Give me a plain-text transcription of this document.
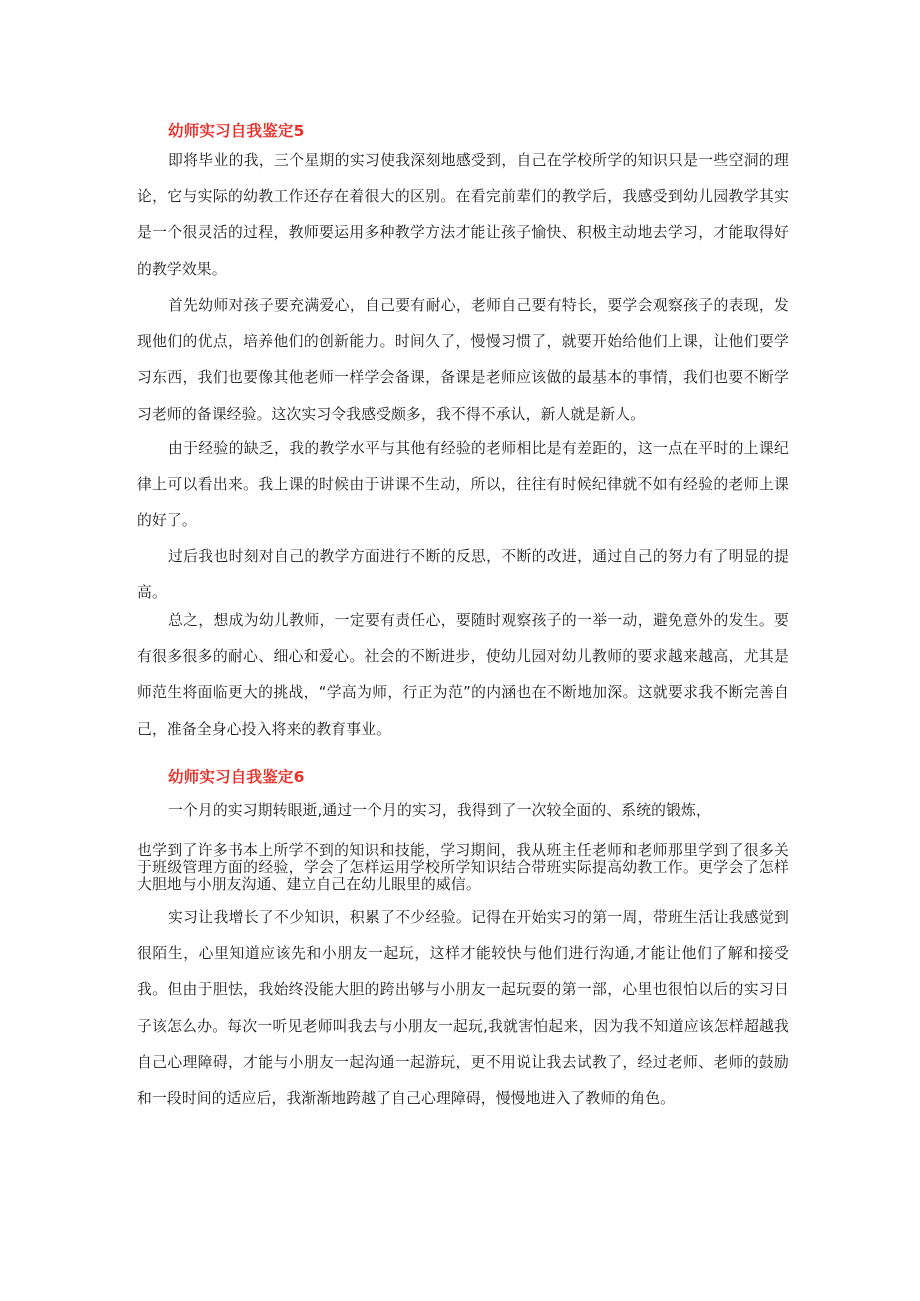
幼师实习自我鉴定5

即将毕业的我，三个星期的实习使我深刻地感受到，自己在学校所学的知识只是一些空洞的理论，它与实际的幼教工作还存在着很大的区别。在看完前辈们的教学后，我感受到幼儿园教学其实是一个很灵活的过程，教师要运用多种教学方法才能让孩子愉快、积极主动地去学习，才能取得好的教学效果。

首先幼师对孩子要充满爱心，自己要有耐心，老师自己要有特长，要学会观察孩子的表现，发现他们的优点，培养他们的创新能力。时间久了，慢慢习惯了，就要开始给他们上课，让他们要学习东西，我们也要像其他老师一样学会备课，备课是老师应该做的最基本的事情，我们也要不断学习老师的备课经验。这次实习令我感受颇多，我不得不承认，新人就是新人。

由于经验的缺乏，我的教学水平与其他有经验的老师相比是有差距的，这一点在平时的上课纪律上可以看出来。我上课的时候由于讲课不生动，所以，往往有时候纪律就不如有经验的老师上课的好了。

过后我也时刻对自己的教学方面进行不断的反思，不断的改进，通过自己的努力有了明显的提高。

总之，想成为幼儿教师，一定要有责任心，要随时观察孩子的一举一动，避免意外的发生。要有很多很多的耐心、细心和爱心。社会的不断进步，使幼儿园对幼儿教师的要求越来越高，尤其是师范生将面临更大的挑战，“学高为师，行正为范”的内涵也在不断地加深。这就要求我不断完善自己，准备全身心投入将来的教育事业。

幼师实习自我鉴定6

一个月的实习期转眼逝,通过一个月的实习，我得到了一次较全面的、系统的锻炼，

也学到了许多书本上所学不到的知识和技能，学习期间，我从班主任老师和老师那里学到了很多关于班级管理方面的经验，学会了怎样运用学校所学知识结合带班实际提高幼教工作。更学会了怎样大胆地与小朋友沟通、建立自己在幼儿眼里的威信。

实习让我增长了不少知识，积累了不少经验。记得在开始实习的第一周，带班生活让我感觉到很陌生，心里知道应该先和小朋友一起玩，这样才能较快与他们进行沟通,才能让他们了解和接受我。但由于胆怯，我始终没能大胆的跨出够与小朋友一起玩耍的第一部，心里也很怕以后的实习日子该怎么办。每次一听见老师叫我去与小朋友一起玩,我就害怕起来，因为我不知道应该怎样超越我自己心理障碍，才能与小朋友一起沟通一起游玩，更不用说让我去试教了，经过老师、老师的鼓励和一段时间的适应后，我渐渐地跨越了自己心理障碍，慢慢地进入了教师的角色。
